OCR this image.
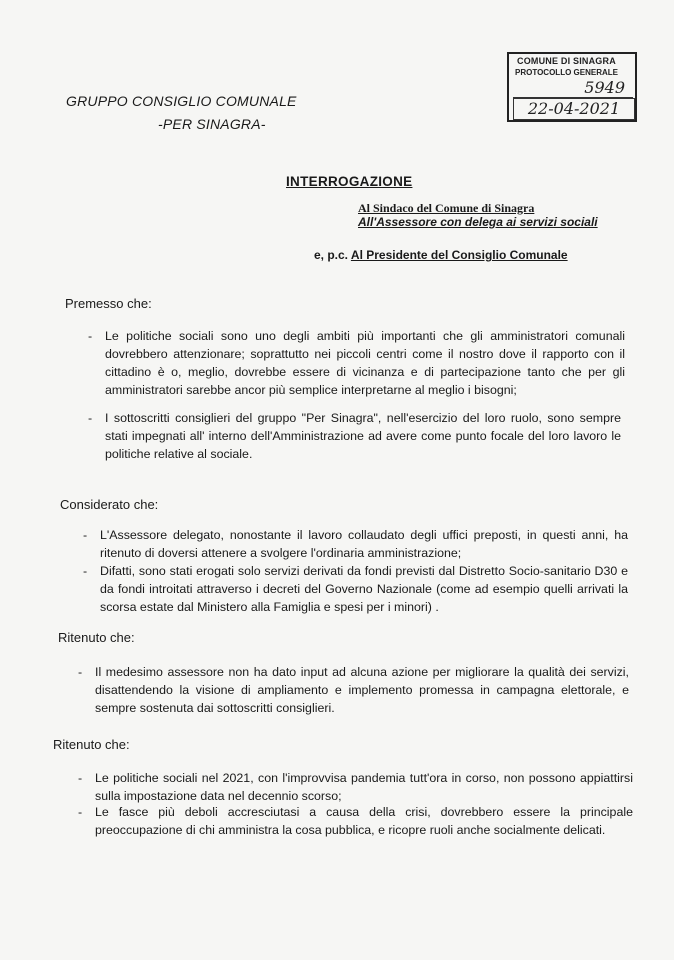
COMUNE DI SINAGRA
PROTOCOLLO GENERALE
5949
22-04-2021
GRUPPO CONSIGLIO COMUNALE
-PER SINAGRA-
INTERROGAZIONE
Al Sindaco del Comune di Sinagra
All'Assessore con delega ai servizi sociali
e, p.c. Al Presidente del Consiglio Comunale
Premesso che:
- Le politiche sociali sono uno degli ambiti più importanti che gli amministratori comunali dovrebbero attenzionare; soprattutto nei piccoli centri come il nostro dove il rapporto con il cittadino è o, meglio, dovrebbe essere di vicinanza e di partecipazione tanto che per gli amministratori sarebbe ancor più semplice interpretarne al meglio i bisogni;
- I sottoscritti consiglieri del gruppo "Per Sinagra", nell'esercizio del loro ruolo, sono sempre stati impegnati all' interno dell'Amministrazione ad avere come punto focale del loro lavoro le politiche relative al sociale.
Considerato che:
- L'Assessore delegato, nonostante il lavoro collaudato degli uffici preposti, in questi anni, ha ritenuto di doversi attenere a svolgere l'ordinaria amministrazione;
- Difatti, sono stati erogati solo servizi derivati da fondi previsti dal Distretto Socio-sanitario D30 e da fondi introitati attraverso i decreti del Governo Nazionale (come ad esempio quelli arrivati la scorsa estate dal Ministero alla Famiglia e spesi per i minori) .
Ritenuto che:
- Il medesimo assessore non ha dato input ad alcuna azione per migliorare la qualità dei servizi, disattendendo la visione di ampliamento e implemento promessa in campagna elettorale, e sempre sostenuta dai sottoscritti consiglieri.
Ritenuto che:
- Le politiche sociali nel 2021, con l'improvvisa pandemia tutt'ora in corso, non possono appiattirsi sulla impostazione data nel decennio scorso;
- Le fasce più deboli accresciutasi a causa della crisi, dovrebbero essere la principale preoccupazione di chi amministra la cosa pubblica, e ricopre ruoli anche socialmente delicati.
